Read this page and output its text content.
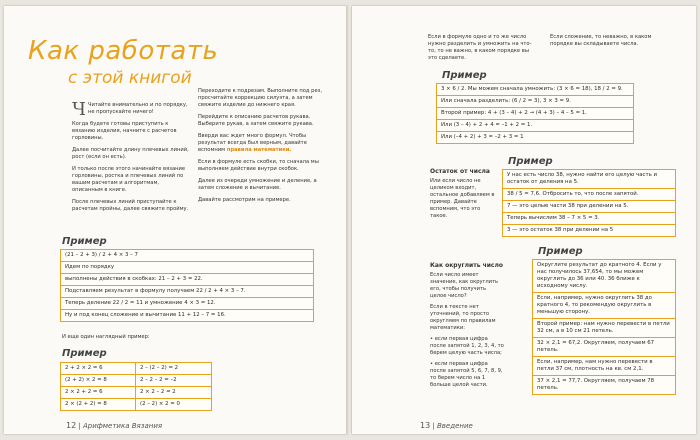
Как работать
с этой книгой

Ч Читайте внимательно и по порядку, не пропускайте ничего!

Когда будете готовы приступить к вязанию изделия, начните с расчетов горловины.

Далее посчитайте длину плечевых линий, рост (если он есть).

И только после этого начинайте вязание горловины, ростка и плечевых линий по вашим расчетам и алгоритмам, описанным в книге.

После плечевых линий приступайте к расчетам пройны, далее свяжите пройму.

Переходите к подрезам. Выполните под рез, просчитайте коррекцию силуэта, а затем свяжите изделие до нижнего края.

Перейдите к описанию расчетов рукава. Выберите рукав, а затем свяжите рукава.

Вверди вас ждет много формул. Чтобы результат всегда был верным, давайте вспомним правила математики.

Если в формуле есть скобки, то сначала мы выполняем действие внутри скобок.

Далее из очереди умножение и деление, а затем сложение и вычитание.

Давайте рассмотрим на примере.

Пример
(21 – 2 + 3) / 2 + 4 × 3 – 7
Идем по порядку
выполнены действия в скобках: 21 – 2 + 3 = 22.
Подставляем результат в формулу получаем 22 / 2 + 4 × 3 – 7.
Теперь деление 22 / 2 = 11 и умножение 4 × 3 = 12.
Ну и под конец сложение и вычитание 11 + 12 – 7 = 16.
И еще один наглядный пример:
Пример
2 + 2 × 2 = 6	2 – (2 – 2) = 2
(2 + 2) × 2 = 8	2 – 2 – 2 = –2
2 × 2 + 2 = 6	2 × 2 – 2 = 2
2 × (2 + 2) = 8	(2 – 2) × 2 = 0
12 | Арифметика Вязания
Если в формуле одно и то же число нужно разделить и умножить на что-то, то не важно, в каком порядке вы это сделаете.
Если сложение, то неважно, в каком порядке вы складываете числа.
Пример
3 × 6 / 2. Мы можем сначала умножить: (3 × 6 = 18), 18 / 2 = 9.
Или сначала разделить: (6 / 2 = 3), 3 × 3 = 9.
Второй пример: 4 + (3 – 4) + 2 → (4 + 3) – 4 – 5 = 1.
Или (3 – 4) + 2 + 4 = –1 + 2 = 1.
Или (–4 + 2) + 3 = –2 + 3 = 1
Остаток от числа
Или если число не целиком входит, остальное добавляем в пример. Давайте вспомним, что это такое.
Пример
У нас есть число 38, нужно найти его целую часть и остаток от деления на 5.
38 / 5 = 7,6. Отбросить то, что после запятой.
7 — это целые части 38 при делении на 5.
Теперь вычислим 38 – 7 × 5 = 3.
3 — это остаток 38 при делении на 5
Как округлить число

Если число имеет значение, как округлить его, чтобы получить целое число?

Если в тексте нет уточнений, то просто округляем по правилам математики:

• если первая цифра после запятой 1, 2, 3, 4, то берем целую часть числа;

• если первая цифра после запятой 5, 6, 7, 8, 9, то берем число на 1 больше целой части.

Пример
Округлите результат до кратного 4. Если у нас получилось 37,654, то мы можем округлить до 36 или 40. 36 ближе к исходному числу.
Если, например, нужно округлить 38 до кратного 4, то рекомендую округлить в меньшую сторону.
Второй пример: нам нужно перевести в петли 32 см, а в 10 см 21 петель.
32 × 2,1 = 67,2. Округляем, получаем 67 петель.
Если, например, нам нужно перевести в петли 37 см, плотность на кв. см 2,1.
37 × 2,1 = 77,7. Округляем, получаем 78 петель.
13 | Введение
